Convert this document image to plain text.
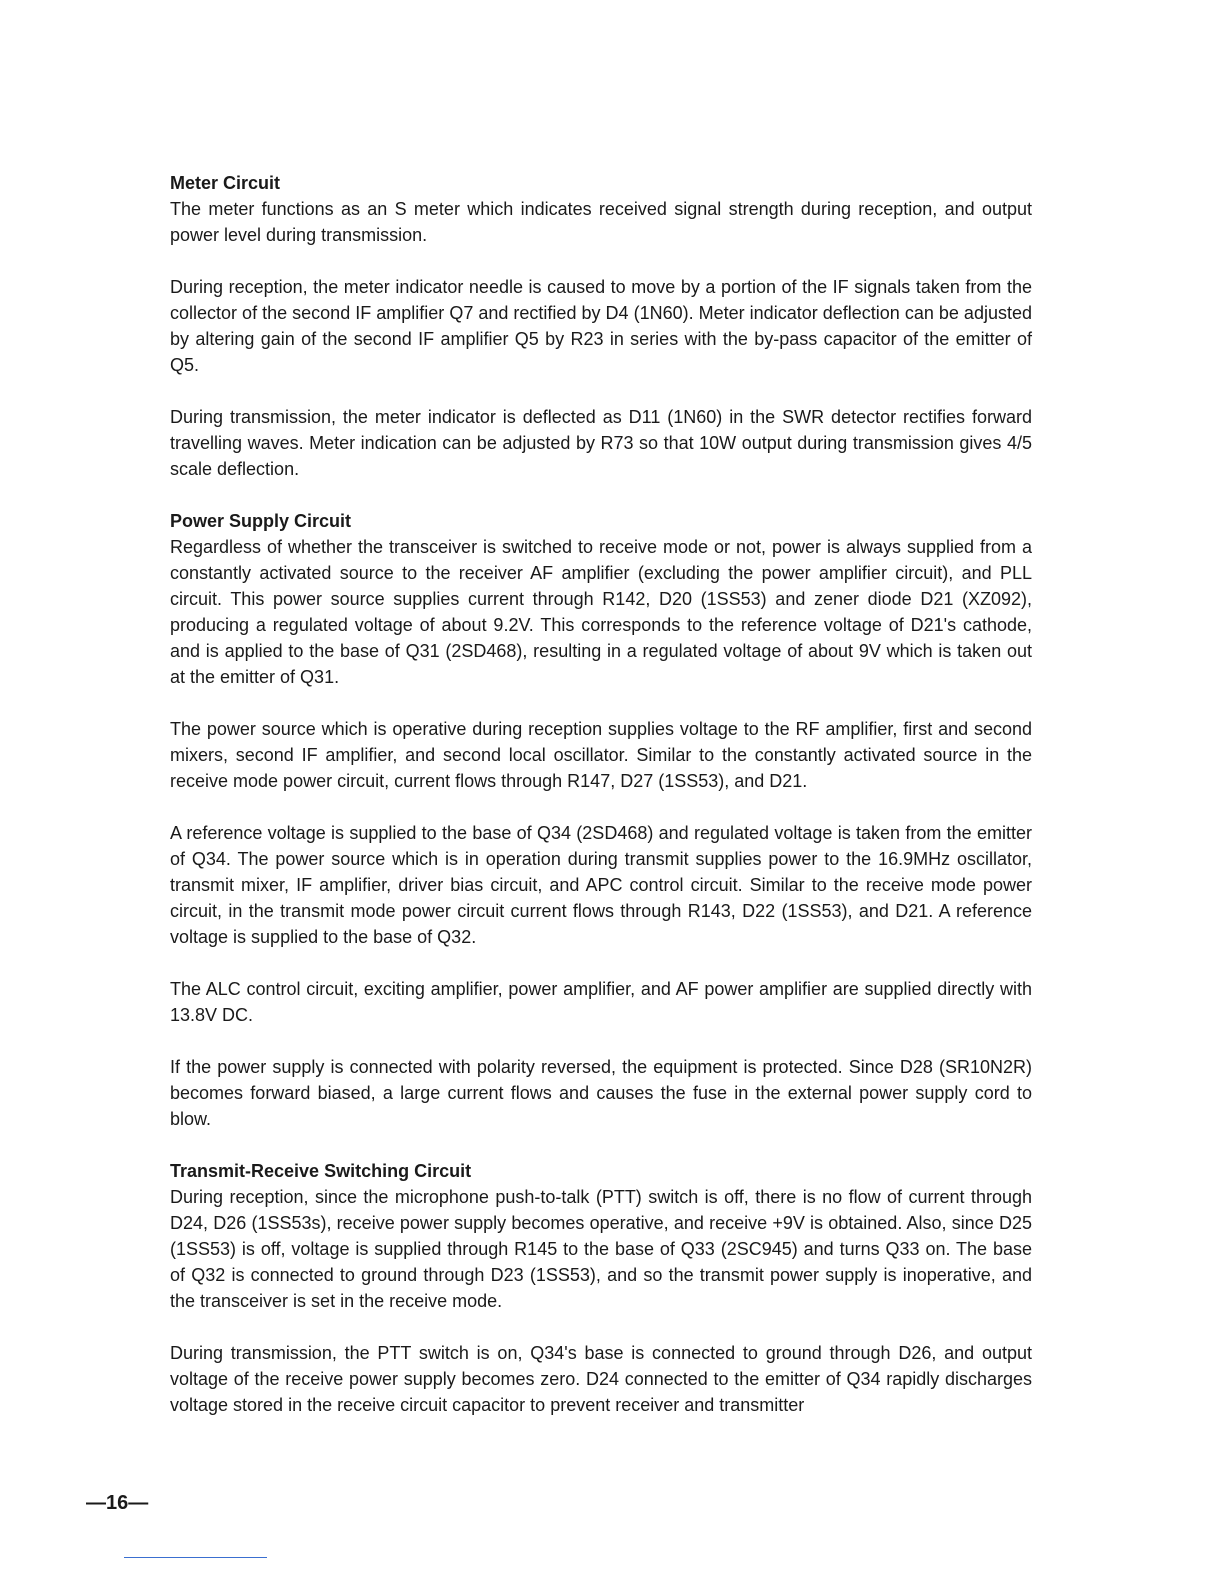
Meter Circuit

The meter functions as an S meter which indicates received signal strength during reception, and output power level during transmission.

During reception, the meter indicator needle is caused to move by a portion of the IF signals taken from the collector of the second IF amplifier Q7 and rectified by D4 (1N60). Meter indicator deflection can be adjusted by altering gain of the second IF amplifier Q5 by R23 in series with the by-pass capacitor of the emitter of Q5.

During transmission, the meter indicator is deflected as D11 (1N60) in the SWR detector rectifies forward travelling waves. Meter indication can be adjusted by R73 so that 10W output during transmission gives 4/5 scale deflection.

Power Supply Circuit

Regardless of whether the transceiver is switched to receive mode or not, power is always supplied from a constantly activated source to the receiver AF amplifier (excluding the power amplifier circuit), and PLL circuit. This power source supplies current through R142, D20 (1SS53) and zener diode D21 (XZ092), producing a regulated voltage of about 9.2V. This corresponds to the reference voltage of D21's cathode, and is applied to the base of Q31 (2SD468), resulting in a regulated voltage of about 9V which is taken out at the emitter of Q31.

The power source which is operative during reception supplies voltage to the RF amplifier, first and second mixers, second IF amplifier, and second local oscillator. Similar to the constantly activated source in the receive mode power circuit, current flows through R147, D27 (1SS53), and D21.

A reference voltage is supplied to the base of Q34 (2SD468) and regulated voltage is taken from the emitter of Q34. The power source which is in operation during transmit supplies power to the 16.9MHz oscillator, transmit mixer, IF amplifier, driver bias circuit, and APC control circuit. Similar to the receive mode power circuit, in the transmit mode power circuit current flows through R143, D22 (1SS53), and D21. A reference voltage is supplied to the base of Q32.

The ALC control circuit, exciting amplifier, power amplifier, and AF power amplifier are supplied directly with 13.8V DC.

If the power supply is connected with polarity reversed, the equipment is protected. Since D28 (SR10N2R) becomes forward biased, a large current flows and causes the fuse in the external power supply cord to blow.

Transmit-Receive Switching Circuit

During reception, since the microphone push-to-talk (PTT) switch is off, there is no flow of current through D24, D26 (1SS53s), receive power supply becomes operative, and receive +9V is obtained. Also, since D25 (1SS53) is off, voltage is supplied through R145 to the base of Q33 (2SC945) and turns Q33 on. The base of Q32 is connected to ground through D23 (1SS53), and so the transmit power supply is inoperative, and the transceiver is set in the receive mode.

During transmission, the PTT switch is on, Q34's base is connected to ground through D26, and output voltage of the receive power supply becomes zero. D24 connected to the emitter of Q34 rapidly discharges voltage stored in the receive circuit capacitor to prevent receiver and transmitter

—16—
